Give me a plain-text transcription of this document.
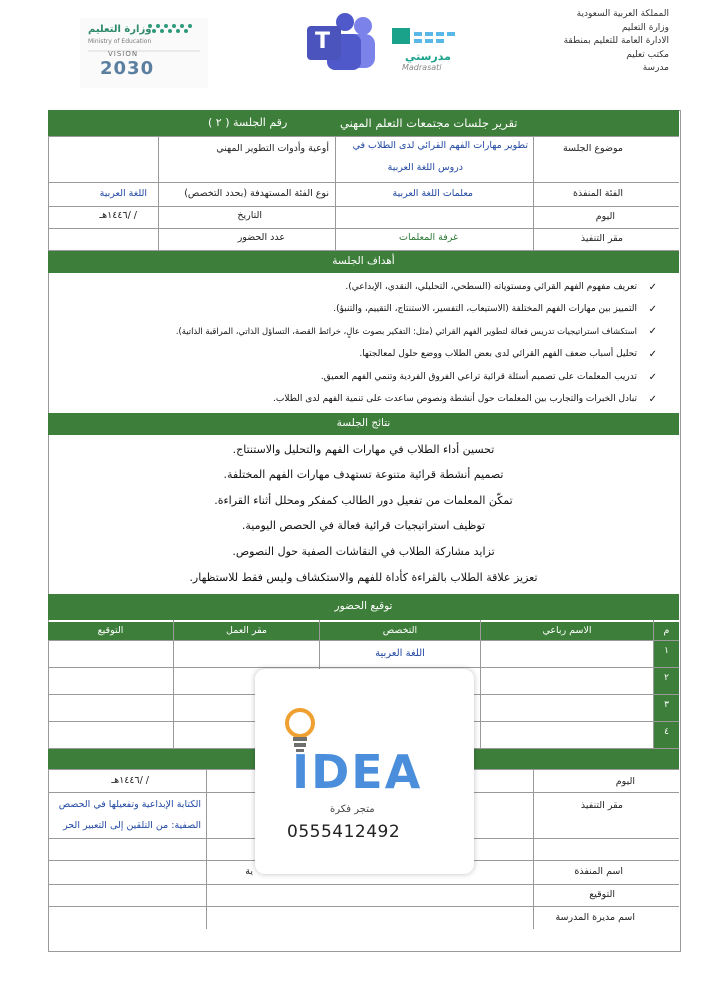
المملكة العربية السعودية
وزارة التعليم
الادارة العامة للتعليم بمنطقة
مكتب تعليم
مدرسة
وزارة التعليم
Ministry of Education
VISION
2030
T
مدرستي
Madrasati
تقرير جلسات مجتمعات التعلم المهني
رقم الجلسة ( ٢ )
موضوع الجلسة
تطوير مهارات الفهم القرائي لدى الطلاب في
دروس اللغة العربية
أوعية وأدوات التطوير المهني
الفئة المنفذة
معلمات اللغة العربية
نوع الفئة المستهدفة (بحدد التخصص)
اللغة العربية
اليوم
التاريخ
/ /١٤٤٦هـ
مقر التنفيذ
غرفة المعلمات
عدد الحضور
أهداف الجلسة
✓
تعريف مفهوم الفهم القرائي ومستوياته (السطحي، التحليلي، النقدي، الإبداعي).
✓
التمييز بين مهارات الفهم المختلفة (الاستيعاب، التفسير، الاستنتاج، التقييم، والتنبؤ).
✓
استكشاف استراتيجيات تدريس فعالة لتطوير الفهم القرائي (مثل: التفكير بصوت عالٍ، خرائط القصة، التساؤل الذاتي، المراقبة الذاتية).
✓
تحليل أسباب ضعف الفهم القرائي لدى بعض الطلاب ووضع حلول لمعالجتها.
✓
تدريب المعلمات على تصميم أسئلة قرائية تراعي الفروق الفردية وتنمي الفهم العميق.
✓
تبادل الخبرات والتجارب بين المعلمات حول أنشطة ونصوص ساعدت على تنمية الفهم لدى الطلاب.
نتائج الجلسة
تحسين أداء الطلاب في مهارات الفهم والتحليل والاستنتاج.
تصميم أنشطة قرائية متنوعة تستهدف مهارات الفهم المختلفة.
تمكّن المعلمات من تفعيل دور الطالب كمفكر ومحلل أثناء القراءة.
توظيف استراتيجيات قرائية فعالة في الحصص اليومية.
تزايد مشاركة الطلاب في النقاشات الصفية حول النصوص.
تعزيز علاقة الطلاب بالقراءة كأداة للفهم والاستكشاف وليس فقط للاستظهار.
توقيع الحضور
م
الاسم رباعي
التخصص
مقر العمل
التوقيع
١
٢
٣
٤
اللغة العربية
اليوم
/ /١٤٤٦هـ
مقر التنفيذ
الكتابة الإبداعية وتفعيلها في الحصص
الصفية: من التلقين إلى التعبير الحر
اسم المنفذة
ية
التوقيع
اسم مديرة المدرسة
IDEA
متجر فكرة
0555412492
